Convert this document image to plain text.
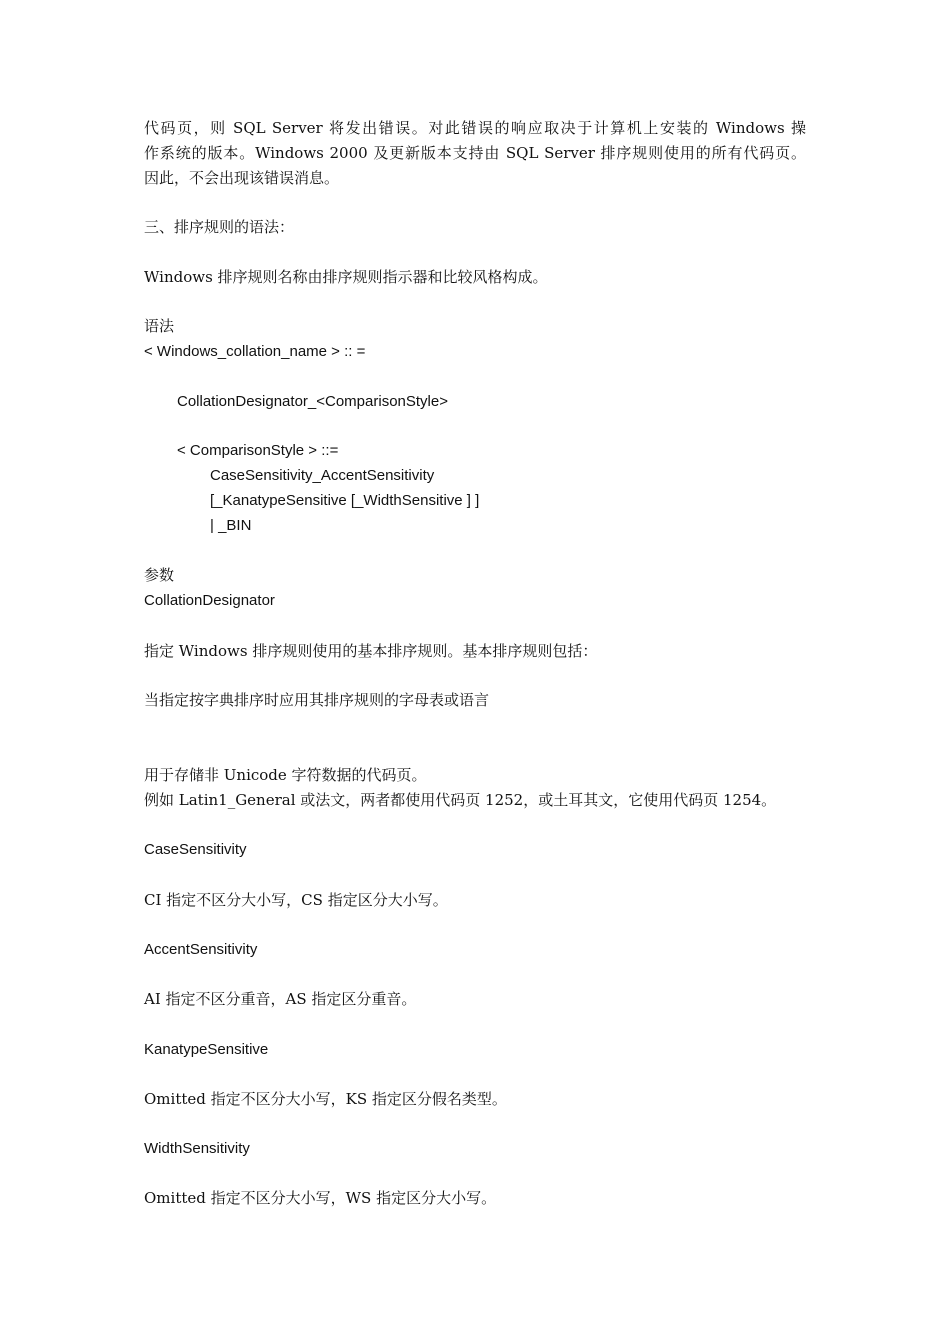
代码页，则 SQL Server 将发出错误。对此错误的响应取决于计算机上安装的 Windows 操
作系统的版本。Windows 2000 及更新版本支持由 SQL Server 排序规则使用的所有代码页。
因此，不会出现该错误消息。
三、排序规则的语法：
Windows 排序规则名称由排序规则指示器和比较风格构成。
语法
< Windows_collation_name > :: =
CollationDesignator_<ComparisonStyle>
< ComparisonStyle > ::=
CaseSensitivity_AccentSensitivity
[_KanatypeSensitive [_WidthSensitive ] ]
| _BIN
参数
CollationDesignator
指定 Windows 排序规则使用的基本排序规则。基本排序规则包括：
当指定按字典排序时应用其排序规则的字母表或语言
用于存储非 Unicode 字符数据的代码页。
例如 Latin1_General 或法文，两者都使用代码页 1252，或土耳其文，它使用代码页 1254。
CaseSensitivity
CI 指定不区分大小写，CS 指定区分大小写。
AccentSensitivity
AI 指定不区分重音，AS 指定区分重音。
KanatypeSensitive
Omitted 指定不区分大小写，KS 指定区分假名类型。
WidthSensitivity
Omitted 指定不区分大小写，WS 指定区分大小写。
